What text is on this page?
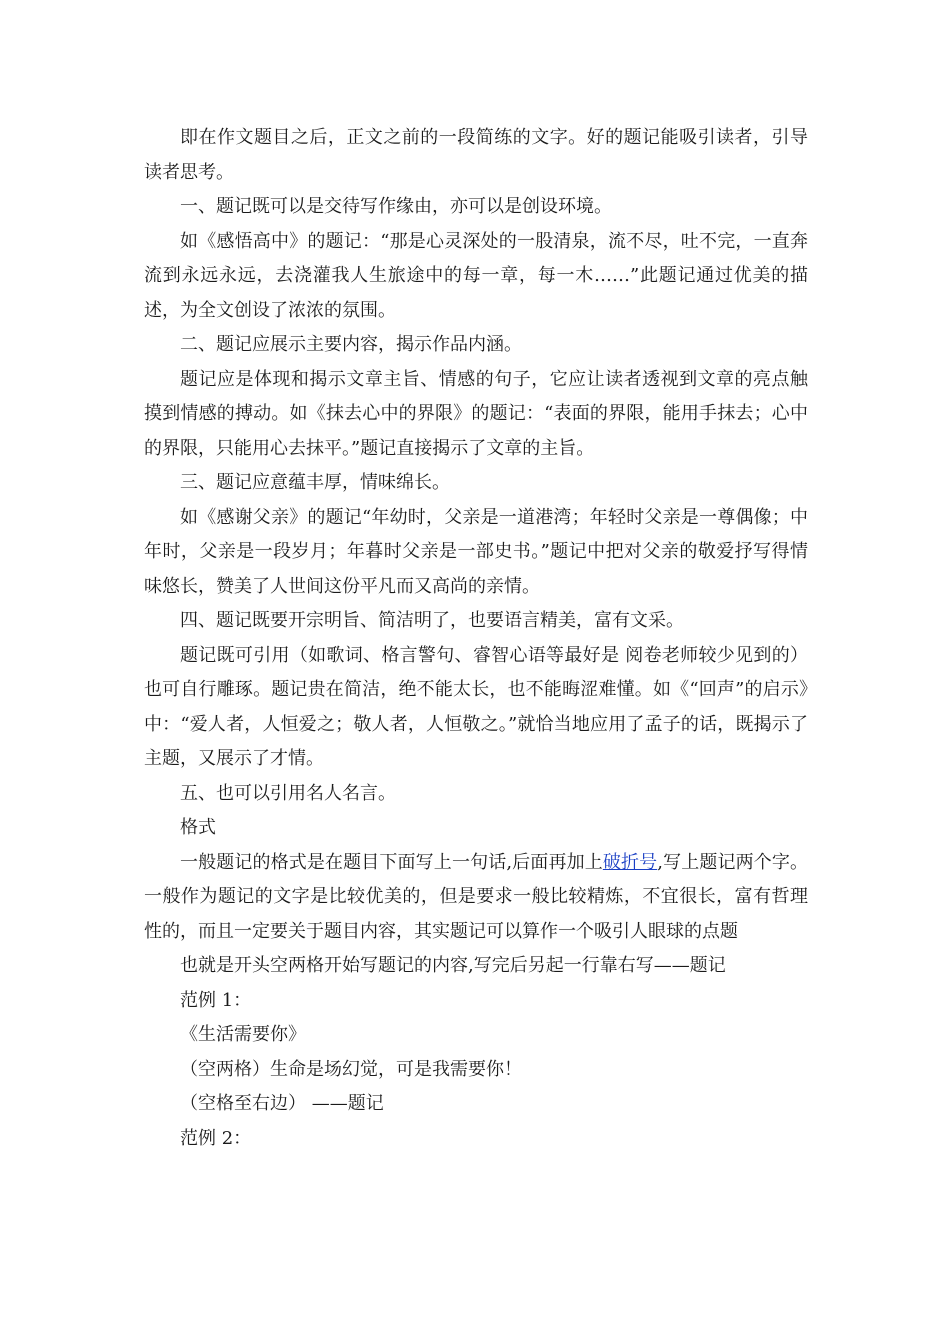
即在作文题目之后，正文之前的一段简练的文字。好的题记能吸引读者，引导读者思考。

一、题记既可以是交待写作缘由，亦可以是创设环境。

如《感悟高中》的题记：“那是心灵深处的一股清泉，流不尽，吐不完，一直奔流到永远永远，去浇灌我人生旅途中的每一章，每一木……”此题记通过优美的描述，为全文创设了浓浓的氛围。

二、题记应展示主要内容，揭示作品内涵。

题记应是体现和揭示文章主旨、情感的句子，它应让读者透视到文章的亮点触摸到情感的搏动。如《抹去心中的界限》的题记：“表面的界限，能用手抹去；心中的界限，只能用心去抹平。”题记直接揭示了文章的主旨。

三、题记应意蕴丰厚，情味绵长。

如《感谢父亲》的题记“年幼时，父亲是一道港湾；年轻时父亲是一尊偶像；中年时，父亲是一段岁月；年暮时父亲是一部史书。”题记中把对父亲的敬爱抒写得情味悠长，赞美了人世间这份平凡而又高尚的亲情。

四、题记既要开宗明旨、简洁明了，也要语言精美，富有文采。

题记既可引用（如歌词、格言警句、睿智心语等最好是 阅卷老师较少见到的）也可自行雕琢。题记贵在简洁，绝不能太长，也不能晦涩难懂。如《“回声”的启示》中：“爱人者，人恒爱之；敬人者，人恒敬之。”就恰当地应用了孟子的话，既揭示了主题，又展示了才情。

五、也可以引用名人名言。

格式

一般题记的格式是在题目下面写上一句话,后面再加上破折号,写上题记两个字。一般作为题记的文字是比较优美的，但是要求一般比较精炼，不宜很长，富有哲理性的，而且一定要关于题目内容，其实题记可以算作一个吸引人眼球的点题

也就是开头空两格开始写题记的内容,写完后另起一行靠右写——题记

范例 1：

《生活需要你》

（空两格）生命是场幻觉，可是我需要你！

（空格至右边） ——题记

范例 2：
